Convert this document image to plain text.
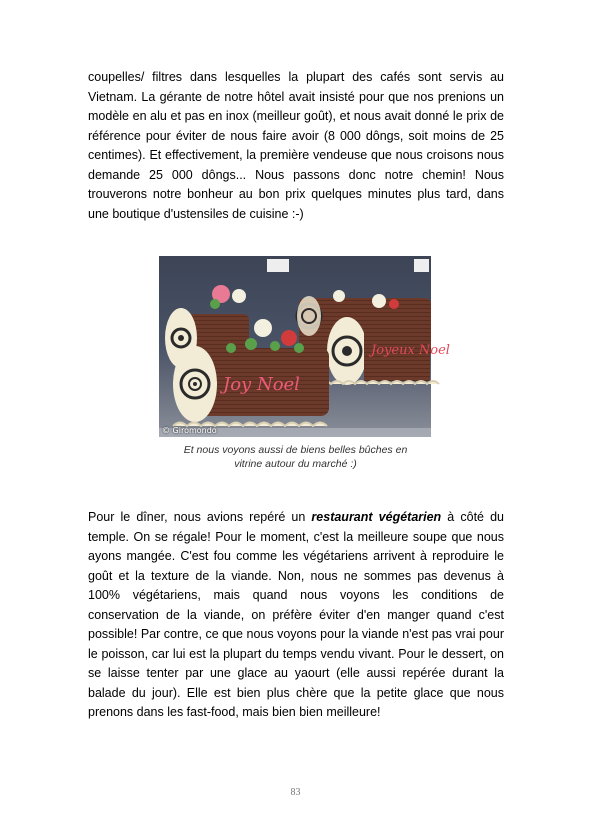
coupelles/ filtres dans lesquelles la plupart des cafés sont servis au Vietnam. La gérante de notre hôtel avait insisté pour que nos prenions un modèle en alu et pas en inox (meilleur goût), et nous avait donné le prix de référence pour éviter de nous faire avoir (8 000 dôngs, soit moins de 25 centimes). Et effectivement, la première vendeuse que nous croisons nous demande 25 000 dôngs... Nous passons donc notre chemin! Nous trouverons notre bonheur au bon prix quelques minutes plus tard, dans une boutique d'ustensiles de cuisine :-)

Joyeux Noel
Joy Noel
© Giromondo
Et nous voyons aussi de biens belles bûches en
vitrine autour du marché :)

Pour le dîner, nous avions repéré un restaurant végétarien à côté du temple. On se régale! Pour le moment, c'est la meilleure soupe que nous ayons mangée. C'est fou comme les végétariens arrivent à reproduire le goût et la texture de la viande. Non, nous ne sommes pas devenus à 100% végétariens, mais quand nous voyons les conditions de conservation de la viande, on préfère éviter d'en manger quand c'est possible! Par contre, ce que nous voyons pour la viande n'est pas vrai pour le poisson, car lui est la plupart du temps vendu vivant. Pour le dessert, on se laisse tenter par une glace au yaourt (elle aussi repérée durant la balade du jour). Elle est bien plus chère que la petite glace que nous prenons dans les fast-food, mais bien bien meilleure!

83
